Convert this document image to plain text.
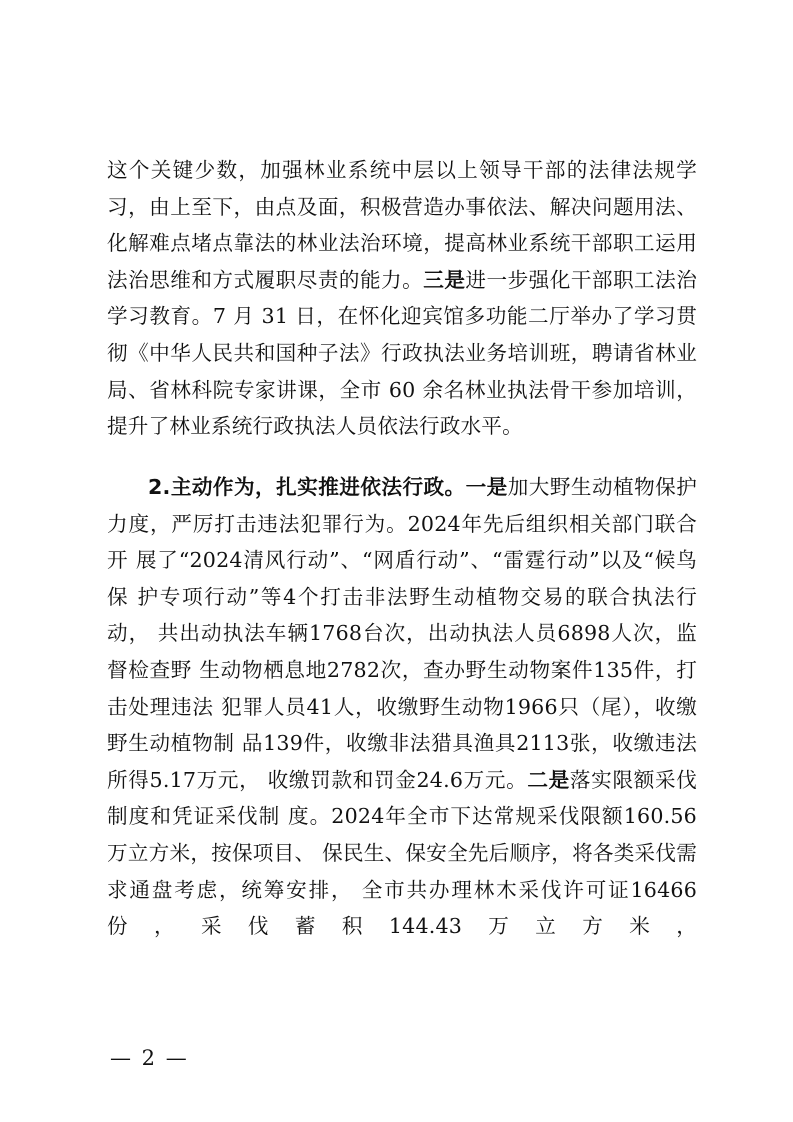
这个关键少数，加强林业系统中层以上领导干部的法律法规学 习，由上至下，由点及面，积极营造办事依法、解决问题用法、 化解难点堵点靠法的林业法治环境，提高林业系统干部职工运用 法治思维和方式履职尽责的能力。三是进一步强化干部职工法治 学习教育。7 月 31 日，在怀化迎宾馆多功能二厅举办了学习贯 彻《中华人民共和国种子法》行政执法业务培训班，聘请省林业 局、省林科院专家讲课，全市 60 余名林业执法骨干参加培训，
提升了林业系统行政执法人员依法行政水平。

2.主动作为，扎实推进依法行政。一是加大野生动植物保护 力度，严厉打击违法犯罪行为。2024年先后组织相关部门联合开 展了“2024清风行动”、“网盾行动”、“雷霆行动”以及“候鸟保 护专项行动”等4个打击非法野生动植物交易的联合执法行动， 共出动执法车辆1768台次，出动执法人员6898人次，监督检查野 生动物栖息地2782次，查办野生动物案件135件，打击处理违法 犯罪人员41人，收缴野生动物1966只（尾），收缴野生动植物制 品139件，收缴非法猎具渔具2113张，收缴违法所得5.17万元， 收缴罚款和罚金24.6万元。二是落实限额采伐制度和凭证采伐制 度。2024年全市下达常规采伐限额160.56万立方米，按保项目、 保民生、保安全先后顺序，将各类采伐需求通盘考虑，统筹安排， 全市共办理林木采伐许可证16466份，采伐蓄积144.43万立方米，

— 2 —
